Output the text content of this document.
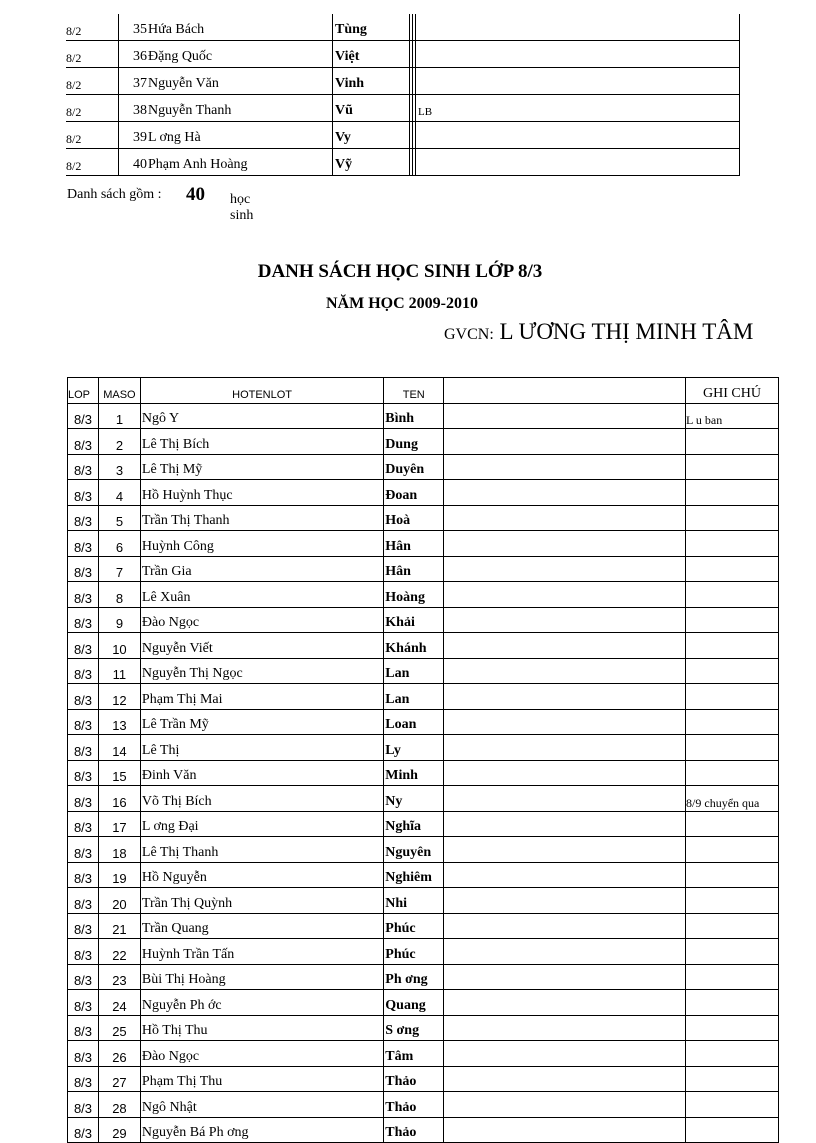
8/2	35	Hứa Bách	Tùng			
8/2	36	Đặng Quốc	Việt			
8/2	37	Nguyễn Văn	Vinh			
8/2	38	Nguyễn Thanh	Vũ			LB
8/2	39	L ơng Hà	Vy			
8/2	40	Phạm Anh Hoàng	Vỹ			
Danh sách gồm : 40 học sinh
DANH SÁCH HỌC SINH LỚP 8/3
NĂM HỌC 2009-2010
GVCN: L ƯƠNG THỊ MINH TÂM
LOP	MASO	HOTENLOT	TEN		GHI CHÚ
8/3	1	Ngô Y	Bình		L u ban
8/3	2	Lê Thị Bích	Dung		
8/3	3	Lê Thị Mỹ	Duyên		
8/3	4	Hồ Huỳnh Thục	Đoan		
8/3	5	Trần Thị Thanh	Hoà		
8/3	6	Huỳnh Công	Hân		
8/3	7	Trần Gia	Hân		
8/3	8	Lê Xuân	Hoàng		
8/3	9	Đào Ngọc	Khải		
8/3	10	Nguyễn Viết	Khánh		
8/3	11	Nguyễn Thị Ngọc	Lan		
8/3	12	Phạm Thị Mai	Lan		
8/3	13	Lê Trần Mỹ	Loan		
8/3	14	Lê Thị	Ly		
8/3	15	Đinh Văn	Minh		
8/3	16	Võ Thị Bích	Ny		8/9 chuyển qua
8/3	17	L ơng Đại	Nghĩa		
8/3	18	Lê Thị Thanh	Nguyên		
8/3	19	Hồ Nguyễn	Nghiêm		
8/3	20	Trần Thị Quỳnh	Nhi		
8/3	21	Trần Quang	Phúc		
8/3	22	Huỳnh Trần Tấn	Phúc		
8/3	23	Bùi Thị Hoàng	Ph ơng		
8/3	24	Nguyễn Ph ớc	Quang		
8/3	25	Hồ Thị Thu	S ơng		
8/3	26	Đào Ngọc	Tâm		
8/3	27	Phạm Thị Thu	Thảo		
8/3	28	Ngô Nhật	Thảo		
8/3	29	Nguyễn Bá Ph ơng	Thảo		
